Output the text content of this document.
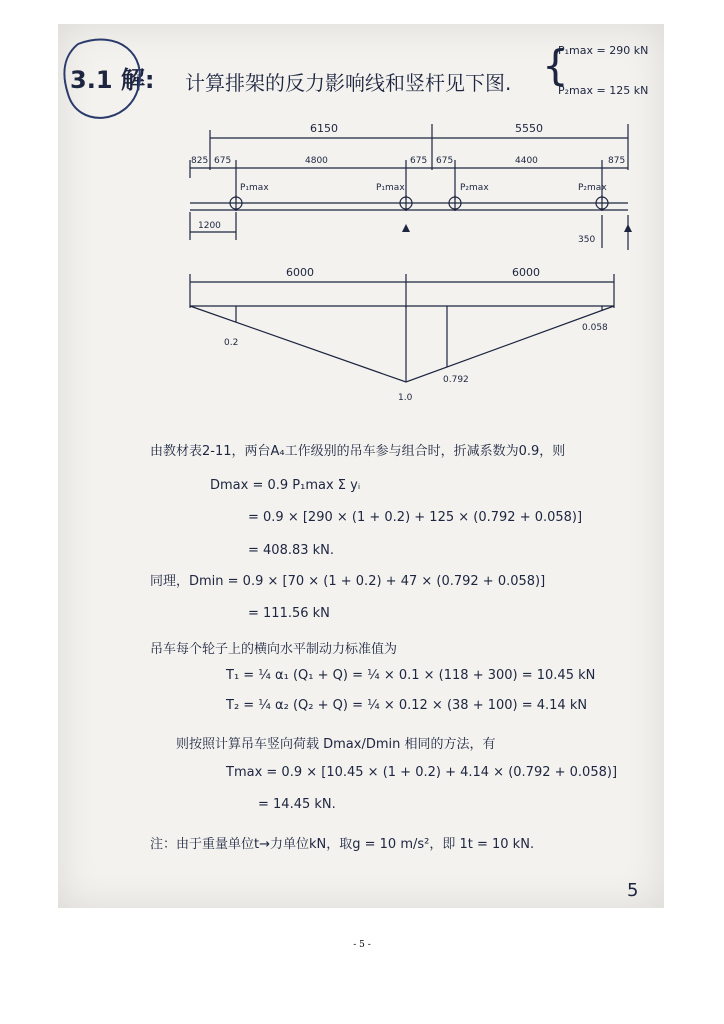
3.1 解: 计算排架的反力影响线和竖杆见下图. {
P₁max = 290 kN
P₂max = 125 kN
6150	5550
825 675	4800	675 675	4400	875
P₁max	P₁max	P₂max	P₂max
1200
350
6000	6000
0.2
1.0
0.792
0.058
由教材表2-11，两台A₄工作级别的吊车参与组合时，折减系数为0.9，则
Dmax = 0.9 P₁max Σ yᵢ
= 0.9 × [290 × (1 + 0.2) + 125 × (0.792 + 0.058)]
= 408.83 kN.
同理，Dmin = 0.9 × [70 × (1 + 0.2) + 47 × (0.792 + 0.058)]
= 111.56 kN
吊车每个轮子上的横向水平制动力标准值为
T₁ = ¼ α₁ (Q₁ + Q) = ¼ × 0.1 × (118 + 300) = 10.45 kN
T₂ = ¼ α₂ (Q₂ + Q) = ¼ × 0.12 × (38 + 100) = 4.14 kN
则按照计算吊车竖向荷载 Dmax/Dmin 相同的方法，有
Tmax = 0.9 × [10.45 × (1 + 0.2) + 4.14 × (0.792 + 0.058)]
= 14.45 kN.
注：由于重量单位t→力单位kN，取g = 10 m/s²，即 1t = 10 kN.
5
- 5 -
